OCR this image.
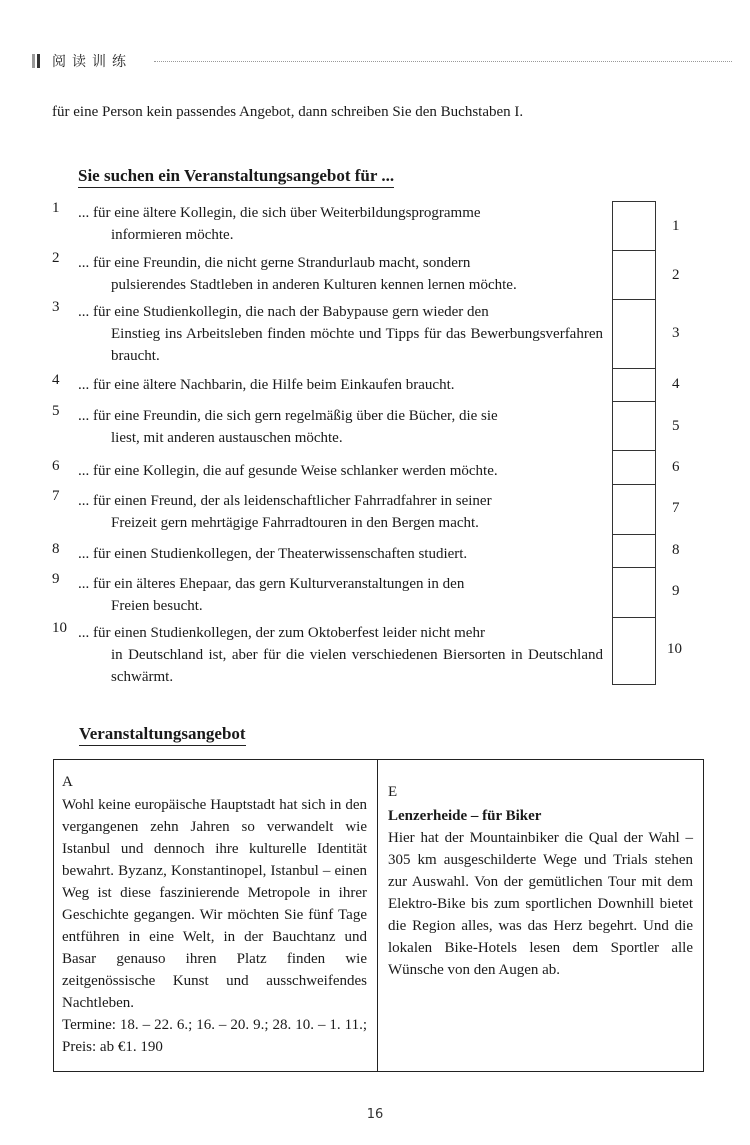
阅读训练
für eine Person kein passendes Angebot, dann schreiben Sie den Buchstaben I.
Sie suchen ein Veranstaltungsangebot für ...
1 ... für eine ältere Kollegin, die sich über Weiterbildungsprogramme
informieren möchte.
2 ... für eine Freundin, die nicht gerne Strandurlaub macht, sondern
pulsierendes Stadtleben in anderen Kulturen kennen lernen möchte.
3 ... für eine Studienkollegin, die nach der Babypause gern wieder den
Einstieg ins Arbeitsleben finden möchte und Tipps für das Bewerbungsverfahren braucht.
4 ... für eine ältere Nachbarin, die Hilfe beim Einkaufen braucht.
5 ... für eine Freundin, die sich gern regelmäßig über die Bücher, die sie
liest, mit anderen austauschen möchte.
6 ... für eine Kollegin, die auf gesunde Weise schlanker werden möchte.
7 ... für einen Freund, der als leidenschaftlicher Fahrradfahrer in seiner
Freizeit gern mehrtägige Fahrradtouren in den Bergen macht.
8 ... für einen Studienkollegen, der Theaterwissenschaften studiert.
9 ... für ein älteres Ehepaar, das gern Kulturveranstaltungen in den
Freien besucht.
10 ... für einen Studienkollegen, der zum Oktoberfest leider nicht mehr
in Deutschland ist, aber für die vielen verschiedenen Biersorten in Deutschland schwärmt.
1
2
3
4
5
6
7
8
9
10
Veranstaltungsangebot
A
Wohl keine europäische Hauptstadt hat sich in den vergangenen zehn Jahren so verwandelt wie Istanbul und dennoch ihre kulturelle Identität bewahrt. Byzanz, Konstantinopel, Istanbul – einen Weg ist diese faszinierende Metropole in ihrer Geschichte gegangen. Wir möchten Sie fünf Tage entführen in eine Welt, in der Bauchtanz und Basar genauso ihren Platz finden wie zeitgenössische Kunst und ausschweifendes Nachtleben.
Termine: 18. – 22. 6.; 16. – 20. 9.; 28. 10. – 1. 11.; Preis: ab €1. 190
E
Lenzerheide – für Biker
Hier hat der Mountainbiker die Qual der Wahl – 305 km ausgeschilderte Wege und Trials stehen zur Auswahl. Von der gemütlichen Tour mit dem Elektro-Bike bis zum sportlichen Downhill bietet die Region alles, was das Herz begehrt. Und die lokalen Bike-Hotels lesen dem Sportler alle Wünsche von den Augen ab.
16
